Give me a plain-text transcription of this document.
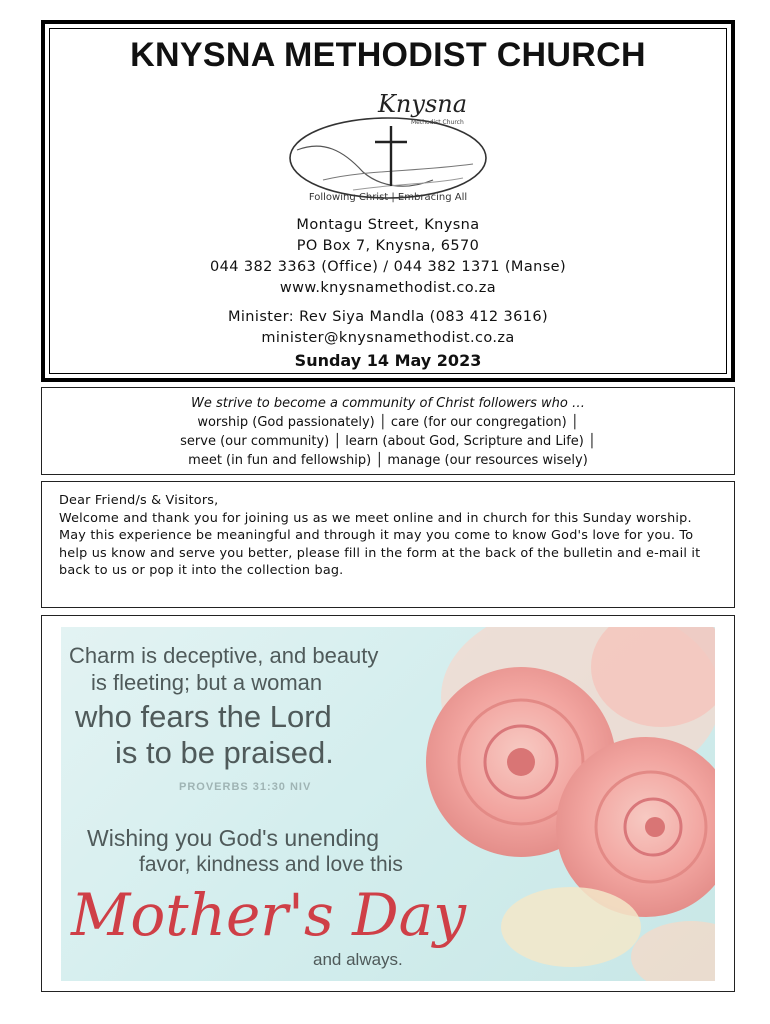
KNYSNA METHODIST CHURCH
Knysna
Methodist Church
Following Christ | Embracing All
Montagu Street, Knysna
PO Box 7, Knysna, 6570
044 382 3363 (Office) / 044 382 1371 (Manse)
www.knysnamethodist.co.za
Minister: Rev Siya Mandla (083 412 3616)
minister@knysnamethodist.co.za
Sunday 14 May 2023
We strive to become a community of Christ followers who …
worship (God passionately) │ care (for our congregation) │
serve (our community) │ learn (about God, Scripture and Life) │
meet (in fun and fellowship) │ manage (our resources wisely)
Dear Friend/s & Visitors,
Welcome and thank you for joining us as we meet online and in church for this Sunday worship. May this experience be meaningful and through it may you come to know God's love for you. To help us know and serve you better, please fill in the form at the back of the bulletin and e-mail it back to us or pop it into the collection bag.
Charm is deceptive, and beauty
is fleeting; but a woman
who fears the Lord
is to be praised.
PROVERBS 31:30 NIV
Wishing you God's unending
favor, kindness and love this
Mother's Day
and always.
